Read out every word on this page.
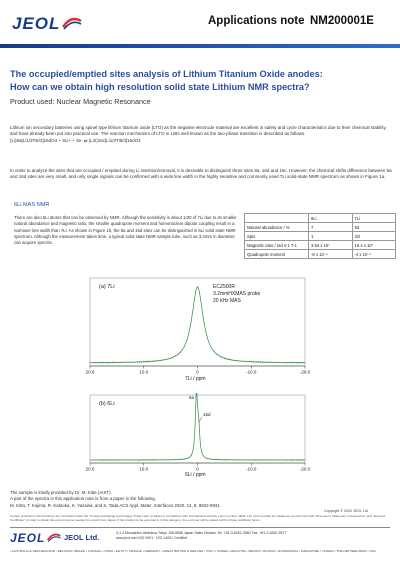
JEOL	Applications note NM200001E
The occupied/emptied sites analysis of Lithium Titanium Oxide anodes:
How can we obtain high resolution solid state Lithium NMR spectra?
Product used: Nuclear Magnetic Resonance
Lithium ion secondary batteries using spinel type lithium titanium oxide (LTO) as the negative electrode material are excellent in safety and cycle characteristics due to their chemical stability, and have already been put into practical use. The reaction mechanism of LTO in LIBs well known as the two-phase transition is described as follows.
(Li)8a[Li1/3Ti5/3]16dO4 + 3Li+ + 3e- ⇌ (Li2)16c[Li1/3Ti5/3]16dO4
In order to analyze the sites that are occupied / emptied during Li insertion/removal, it is desirable to distinguish three sites 8a, 16d and 16c. However, the chemical shifts difference between 8a and 16d sites are very small, and only single signals can be confirmed with a wide line width in the highly sensitive and commonly used 7Li solid-state NMR spectrum as shown in Figure 1a.
6Li MAS NMR
There are also 6Li atoms that can be observed by NMR. Although the sensitivity is about 1/30 of 7Li due to its smaller natural abundance and magnetic ratio, the smaller quadrupole moment and homonuclear dipolar coupling result in a narrower line width than 7Li. As shown in Figure 1b, the 8a and 16d sites can be distinguished in 6Li solid state NMR spectrum. Although the measurement takes time, a typical solid state NMR sample tube, such as 3.2mm in diameter, can acquire spectra.
	6Li	7Li
Natural abundance / %	7	93
Spin	1	3/2
Magnetic ratio / rad s-1 T-1	3.94 x 10⁷	10.4 x 10⁷
Quadrupole moment	-8 x 10⁻⁴	-4 x 10⁻²
(a) 7Li	ECZ500R
3.2mmHXMAS probe
20 kHz MAS
20.0	10.0	0	-10.0	-20.0
7Li / ppm
(b) 6Li
8a
16d
20.0	10.0	0	-10.0	-20.0
6Li / ppm
The sample is kindly provided by Dr. M. Kitta (AIST).
A part of the spectra in this application note is from a paper in the following.
M. Kitta, T. Kojima, R. Kataoka, K. Yazawa, and K. Tada ACS Appl. Mater. Interfaces 2020, 12, 8, 9922-9931
Copyright © 2020 JEOL Ltd.
Certain products in this brochure are controlled under the "Foreign Exchange and Foreign Trade Law" of Japan in compliance with international security export control. JEOL Ltd. must provide the Japanese Government with "End-user's Statement of Assurance" and "End-use Certificate" in order to obtain the export license needed for export from Japan. If the product to be exported is in this category, the end user will be asked to fill in these certificate forms.
JEOL JEOL Ltd.	3-1-2 Musashino Akishima Tokyo 196-8558 Japan Sales Division Tel. +81-3-6262-3560 Fax. +81-3-6262-3577
www.jeol.com ISO 9001 · ISO 14001 Certified
• AUSTRALIA & NEW ZEALAND • BELGIUM • BRAZIL • CANADA • CHINA • EGYPT • FRANCE • GERMANY • GREAT BRITAIN & IRELAND • ITALY • KOREA • MALAYSIA • MEXICO • RUSSIA • SCANDINAVIA • SINGAPORE • TAIWAN • THE NETHERLANDS • USA
